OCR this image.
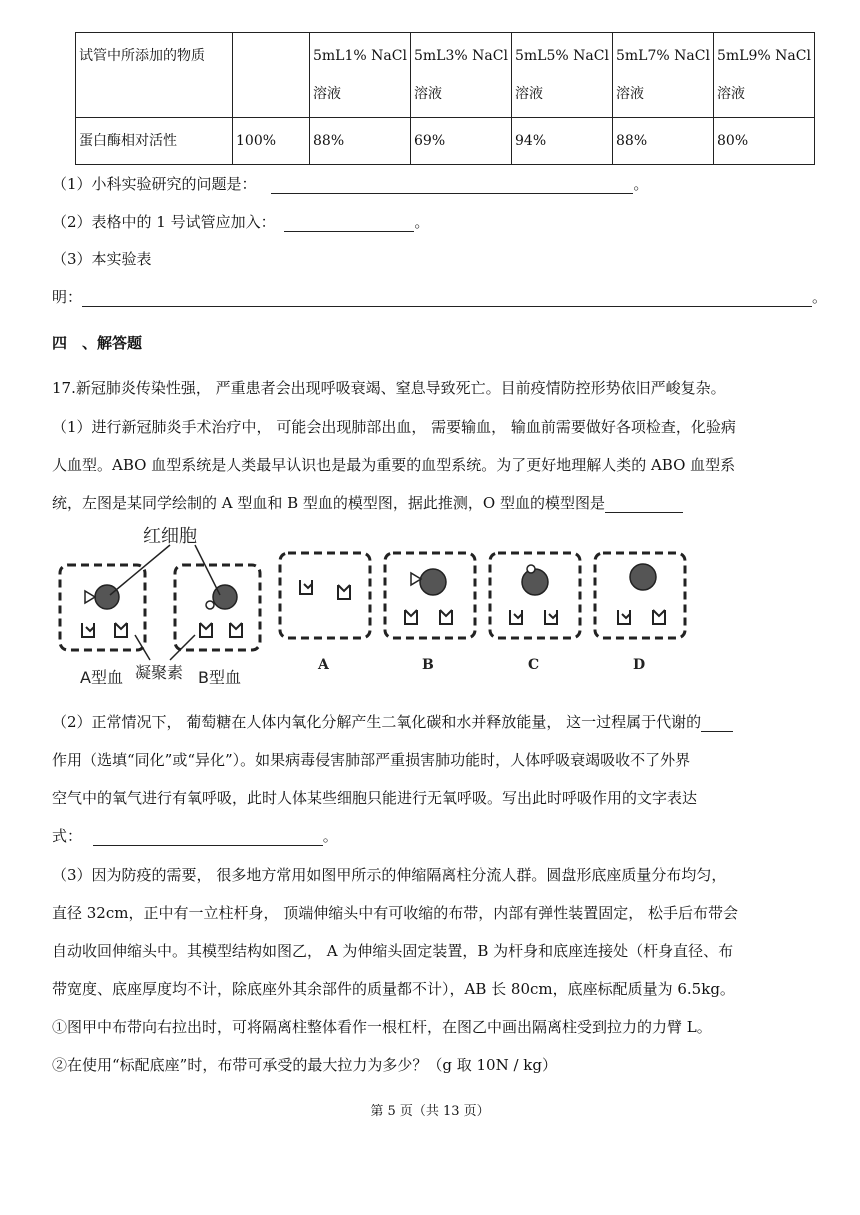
试管中所添加的物质		5mL1% NaCl 溶液	5mL3% NaCl 溶液	5mL5% NaCl 溶液	5mL7% NaCl 溶液	5mL9% NaCl 溶液
蛋白酶相对活性	100%	88%	69%	94%	88%	80%
（1）小科实验研究的问题是：	。
（2）表格中的 1 号试管应加入：	。
（3）本实验表
明：	。
四　、解答题
17.新冠肺炎传染性强， 严重患者会出现呼吸衰竭、窒息导致死亡。目前疫情防控形势依旧严峻复杂。
（1）进行新冠肺炎手术治疗中， 可能会出现肺部出血， 需要输血， 输血前需要做好各项检查，化验病
人血型。ABO 血型系统是人类最早认识也是最为重要的血型系统。为了更好地理解人类的 ABO 血型系
统，左图是某同学绘制的 A 型血和 B 型血的模型图，据此推测，O 型血的模型图是
红细胞
A型血 凝聚素 B型血
A	B	C	D
（2）正常情况下， 葡萄糖在人体内氧化分解产生二氧化碳和水并释放能量， 这一过程属于代谢的
作用（选填“同化”或“异化”）。如果病毒侵害肺部严重损害肺功能时，人体呼吸衰竭吸收不了外界
空气中的氧气进行有氧呼吸，此时人体某些细胞只能进行无氧呼吸。写出此时呼吸作用的文字表达
式：	。
（3）因为防疫的需要， 很多地方常用如图甲所示的伸缩隔离柱分流人群。圆盘形底座质量分布均匀，
直径 32cm，正中有一立柱杆身， 顶端伸缩头中有可收缩的布带，内部有弹性装置固定， 松手后布带会
自动收回伸缩头中。其模型结构如图乙， A 为伸缩头固定装置，B 为杆身和底座连接处（杆身直径、布
带宽度、底座厚度均不计，除底座外其余部件的质量都不计），AB 长 80cm，底座标配质量为 6.5kg。
①图甲中布带向右拉出时，可将隔离柱整体看作一根杠杆，在图乙中画出隔离柱受到拉力的力臂 L。
②在使用“标配底座”时，布带可承受的最大拉力为多少？（g 取 10N / kg）
第 5 页（共 13 页）
